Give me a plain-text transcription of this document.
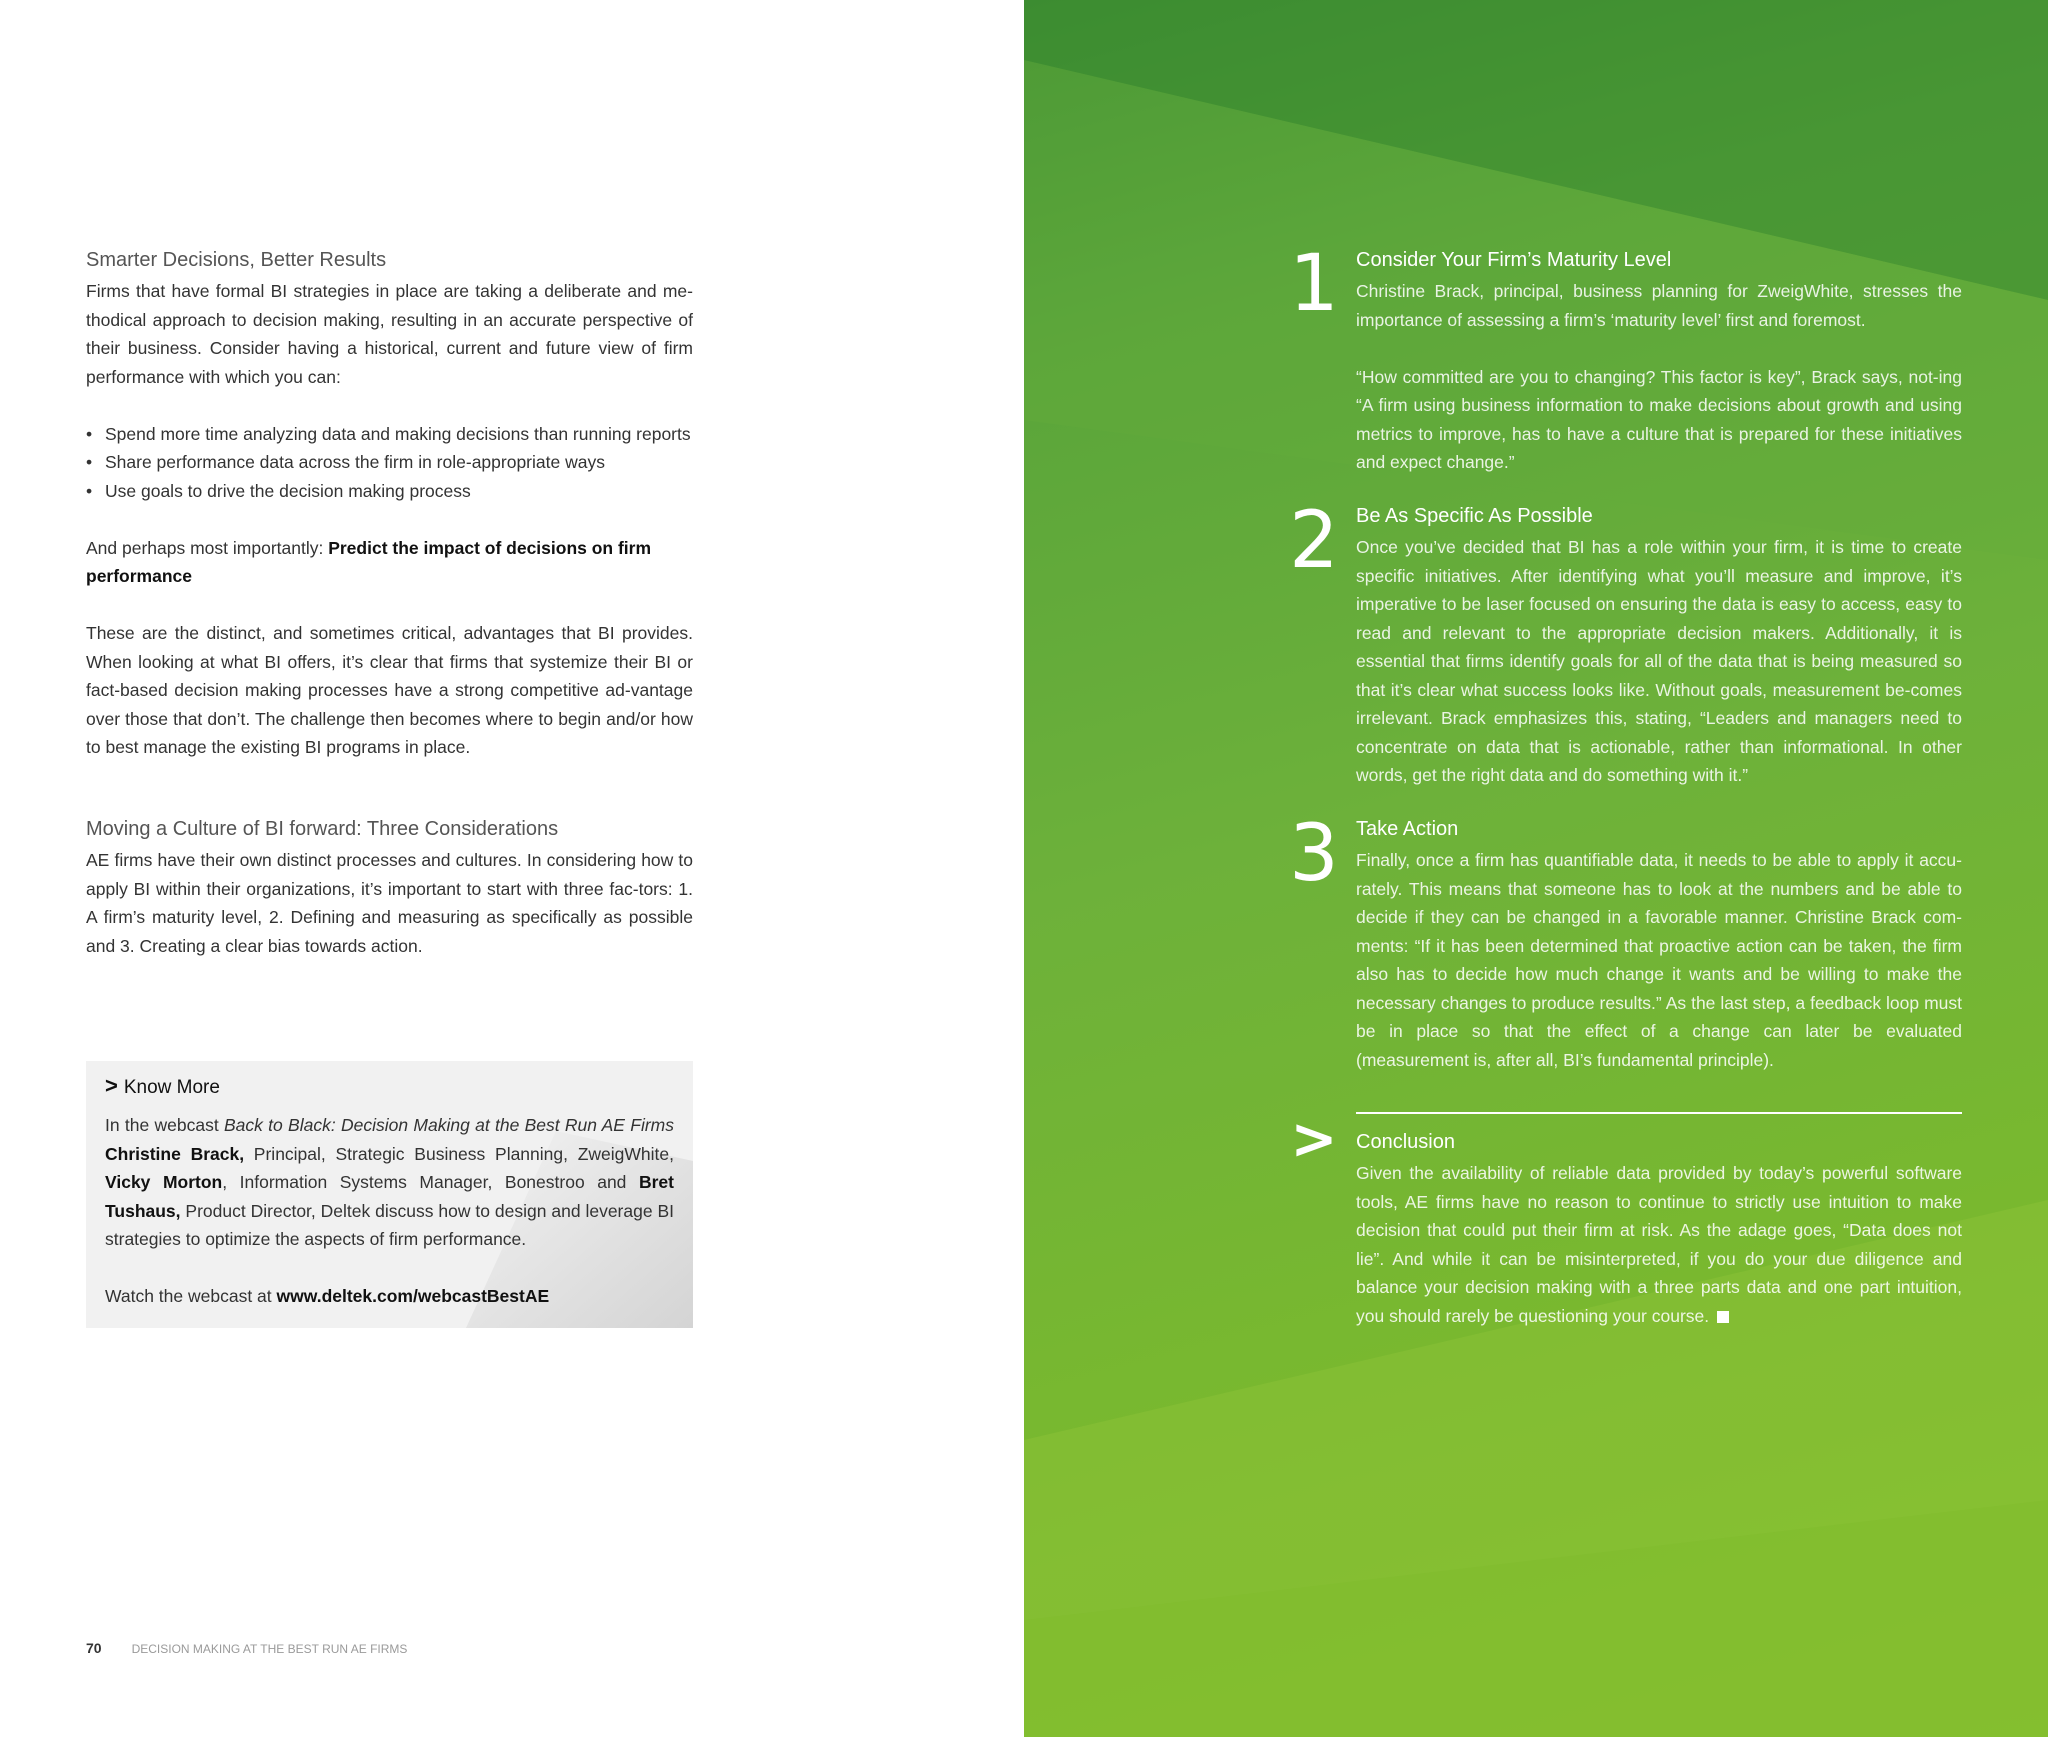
Smarter Decisions, Better Results

Firms that have formal BI strategies in place are taking a deliberate and me-thodical approach to decision making, resulting in an accurate perspective of their business. Consider having a historical, current and future view of firm performance with which you can:

• Spend more time analyzing data and making decisions than running reports
• Share performance data across the firm in role-appropriate ways
• Use goals to drive the decision making process

And perhaps most importantly: Predict the impact of decisions on firm performance

These are the distinct, and sometimes critical, advantages that BI provides. When looking at what BI offers, it’s clear that firms that systemize their BI or fact-based decision making processes have a strong competitive ad-vantage over those that don’t. The challenge then becomes where to begin and/or how to best manage the existing BI programs in place.

Moving a Culture of BI forward: Three Considerations

AE firms have their own distinct processes and cultures. In considering how to apply BI within their organizations, it’s important to start with three fac-tors: 1. A firm’s maturity level, 2. Defining and measuring as specifically as possible and 3. Creating a clear bias towards action.

> Know More

In the webcast Back to Black: Decision Making at the Best Run AE Firms Christine Brack, Principal, Strategic Business Planning, ZweigWhite, Vicky Morton, Information Systems Manager, Bonestroo and Bret Tushaus, Product Director, Deltek discuss how to design and leverage BI strategies to optimize the aspects of firm performance.

Watch the webcast at www.deltek.com/webcastBestAE

70	DECISION MAKING AT THE BEST RUN AE FIRMS
1 Consider Your Firm’s Maturity Level

Christine Brack, principal, business planning for ZweigWhite, stresses the importance of assessing a firm’s ‘maturity level’ first and foremost.

“How committed are you to changing? This factor is key”, Brack says, not-ing “A firm using business information to make decisions about growth and using metrics to improve, has to have a culture that is prepared for these initiatives and expect change.”

2 Be As Specific As Possible

Once you’ve decided that BI has a role within your firm, it is time to create specific initiatives. After identifying what you’ll measure and improve, it’s imperative to be laser focused on ensuring the data is easy to access, easy to read and relevant to the appropriate decision makers. Additionally, it is essential that firms identify goals for all of the data that is being measured so that it’s clear what success looks like. Without goals, measurement be-comes irrelevant. Brack emphasizes this, stating, “Leaders and managers need to concentrate on data that is actionable, rather than informational. In other words, get the right data and do something with it.”

3 Take Action

Finally, once a firm has quantifiable data, it needs to be able to apply it accu-rately. This means that someone has to look at the numbers and be able to decide if they can be changed in a favorable manner. Christine Brack com-ments: “If it has been determined that proactive action can be taken, the firm also has to decide how much change it wants and be willing to make the necessary changes to produce results.” As the last step, a feedback loop must be in place so that the effect of a change can later be evaluated (measurement is, after all, BI’s fundamental principle).

> Conclusion

Given the availability of reliable data provided by today’s powerful software tools, AE firms have no reason to continue to strictly use intuition to make decision that could put their firm at risk. As the adage goes, “Data does not lie”. And while it can be misinterpreted, if you do your due diligence and balance your decision making with a three parts data and one part intuition, you should rarely be questioning your course.
